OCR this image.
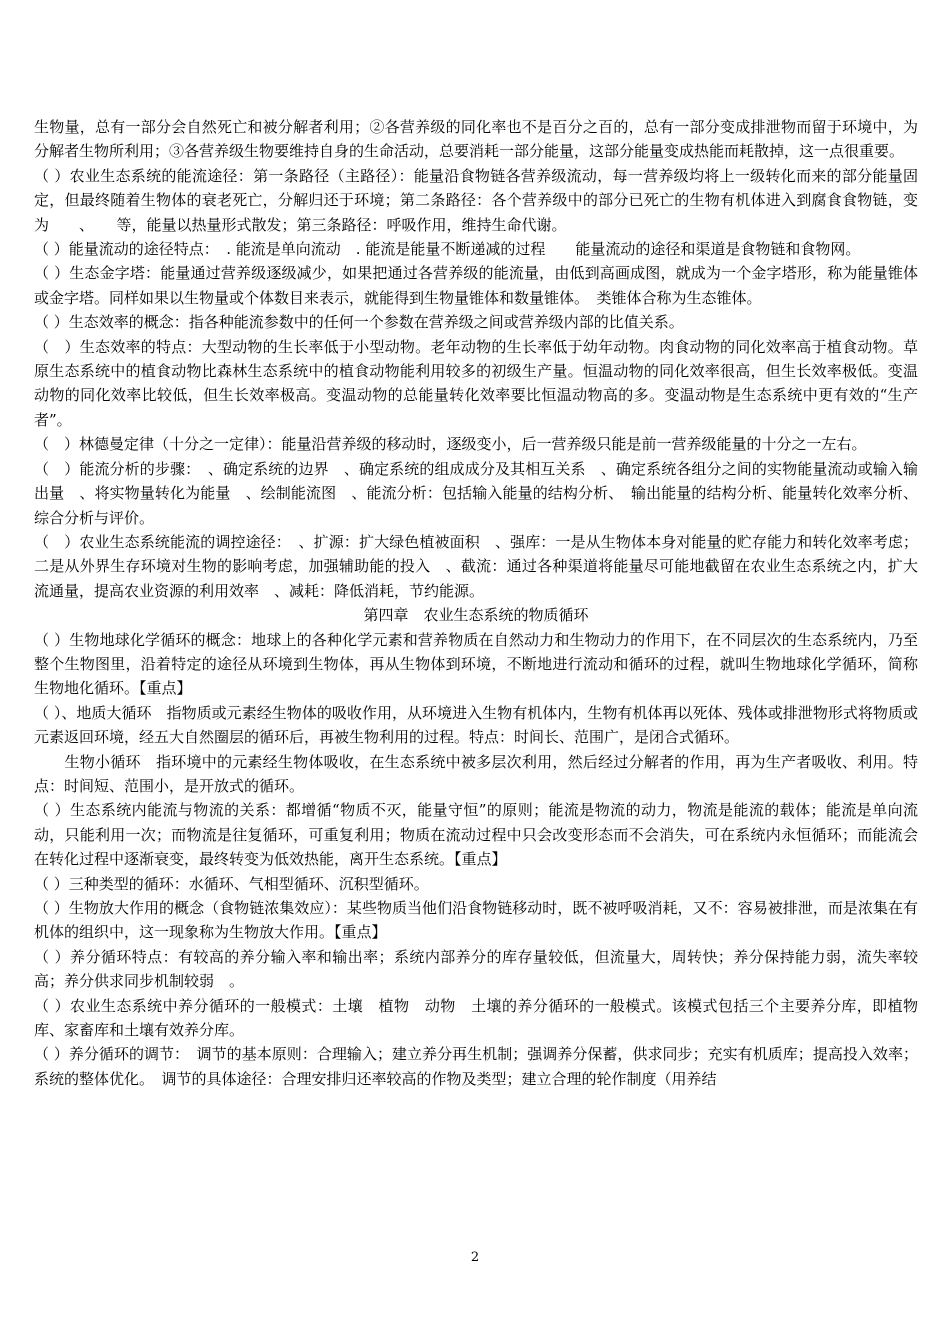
生物量，总有一部分会自然死亡和被分解者利用；②各营养级的同化率也不是百分之百的，总有一部分变成排泄物而留于环境中，为分解者生物所利用；③各营养级生物要维持自身的生命活动，总要消耗一部分能量，这部分能量变成热能而耗散掉，这一点很重要。

（ ）农业生态系统的能流途径：第一条路径（主路径）：能量沿食物链各营养级流动，每一营养级均将上一级转化而来的部分能量固定，但最终随着生物体的衰老死亡，分解归还于环境；第二条路径：各个营养级中的部分已死亡的生物有机体进入到腐食食物链，变为　　、　　等，能量以热量形式散发；第三条路径：呼吸作用，维持生命代谢。

（ ）能量流动的途径特点：　. 能流是单向流动　. 能流是能量不断递减的过程　　能量流动的途径和渠道是食物链和食物网。

（ ）生态金字塔：能量通过营养级逐级减少，如果把通过各营养级的能流量，由低到高画成图，就成为一个金字塔形，称为能量锥体或金字塔。同样如果以生物量或个体数目来表示，就能得到生物量锥体和数量锥体。　类锥体合称为生态锥体。

（ ）生态效率的概念：指各种能流参数中的任何一个参数在营养级之间或营养级内部的比值关系。

（　）生态效率的特点：大型动物的生长率低于小型动物。老年动物的生长率低于幼年动物。肉食动物的同化效率高于植食动物。草原生态系统中的植食动物比森林生态系统中的植食动物能利用较多的初级生产量。恒温动物的同化效率很高，但生长效率极低。变温动物的同化效率比较低，但生长效率极高。变温动物的总能量转化效率要比恒温动物高的多。变温动物是生态系统中更有效的“生产者”。

（　）林德曼定律（十分之一定律）：能量沿营养级的移动时，逐级变小，后一营养级只能是前一营养级能量的十分之一左右。

（　）能流分析的步骤：　、确定系统的边界　、确定系统的组成成分及其相互关系　、确定系统各组分之间的实物能量流动或输入输出量　、将实物量转化为能量　、绘制能流图　、能流分析：包括输入能量的结构分析、　输出能量的结构分析、能量转化效率分析、综合分析与评价。

（　）农业生态系统能流的调控途径：　、扩源：扩大绿色植被面积　、强库：一是从生物体本身对能量的贮存能力和转化效率考虑；二是从外界生存环境对生物的影响考虑，加强辅助能的投入　、截流：通过各种渠道将能量尽可能地截留在农业生态系统之内，扩大流通量，提高农业资源的利用效率　、减耗：降低消耗，节约能源。

第四章　农业生态系统的物质循环

（ ）生物地球化学循环的概念：地球上的各种化学元素和营养物质在自然动力和生物动力的作用下，在不同层次的生态系统内，乃至整个生物图里，沿着特定的途径从环境到生物体，再从生物体到环境，不断地进行流动和循环的过程，就叫生物地球化学循环，简称生物地化循环。【重点】

（ ）、地质大循环　指物质或元素经生物体的吸收作用，从环境进入生物有机体内，生物有机体再以死体、残体或排泄物形式将物质或元素返回环境，经五大自然圈层的循环后，再被生物利用的过程。特点：时间长、范围广，是闭合式循环。

　　生物小循环　指环境中的元素经生物体吸收，在生态系统中被多层次利用，然后经过分解者的作用，再为生产者吸收、利用。特点：时间短、范围小，是开放式的循环。

（ ）生态系统内能流与物流的关系：都增循“物质不灭，能量守恒”的原则；能流是物流的动力，物流是能流的载体；能流是单向流动，只能利用一次；而物流是往复循环，可重复利用；物质在流动过程中只会改变形态而不会消失，可在系统内永恒循环；而能流会在转化过程中逐渐衰变，最终转变为低效热能，离开生态系统。【重点】

（ ）三种类型的循环：水循环、气相型循环、沉积型循环。

（ ）生物放大作用的概念（食物链浓集效应）：某些物质当他们沿食物链移动时，既不被呼吸消耗，又不：容易被排泄，而是浓集在有机体的组织中，这一现象称为生物放大作用。【重点】

（ ）养分循环特点：有较高的养分输入率和输出率；系统内部养分的库存量较低，但流量大，周转快；养分保持能力弱，流失率较高；养分供求同步机制较弱　。

（ ）农业生态系统中养分循环的一般模式：土壤　植物　动物　土壤的养分循环的一般模式。该模式包括三个主要养分库，即植物库、家畜库和土壤有效养分库。

（ ）养分循环的调节：　调节的基本原则：合理输入；建立养分再生机制；强调养分保蓄，供求同步；充实有机质库；提高投入效率；系统的整体优化。　调节的具体途径：合理安排归还率较高的作物及类型；建立合理的轮作制度（用养结

2
